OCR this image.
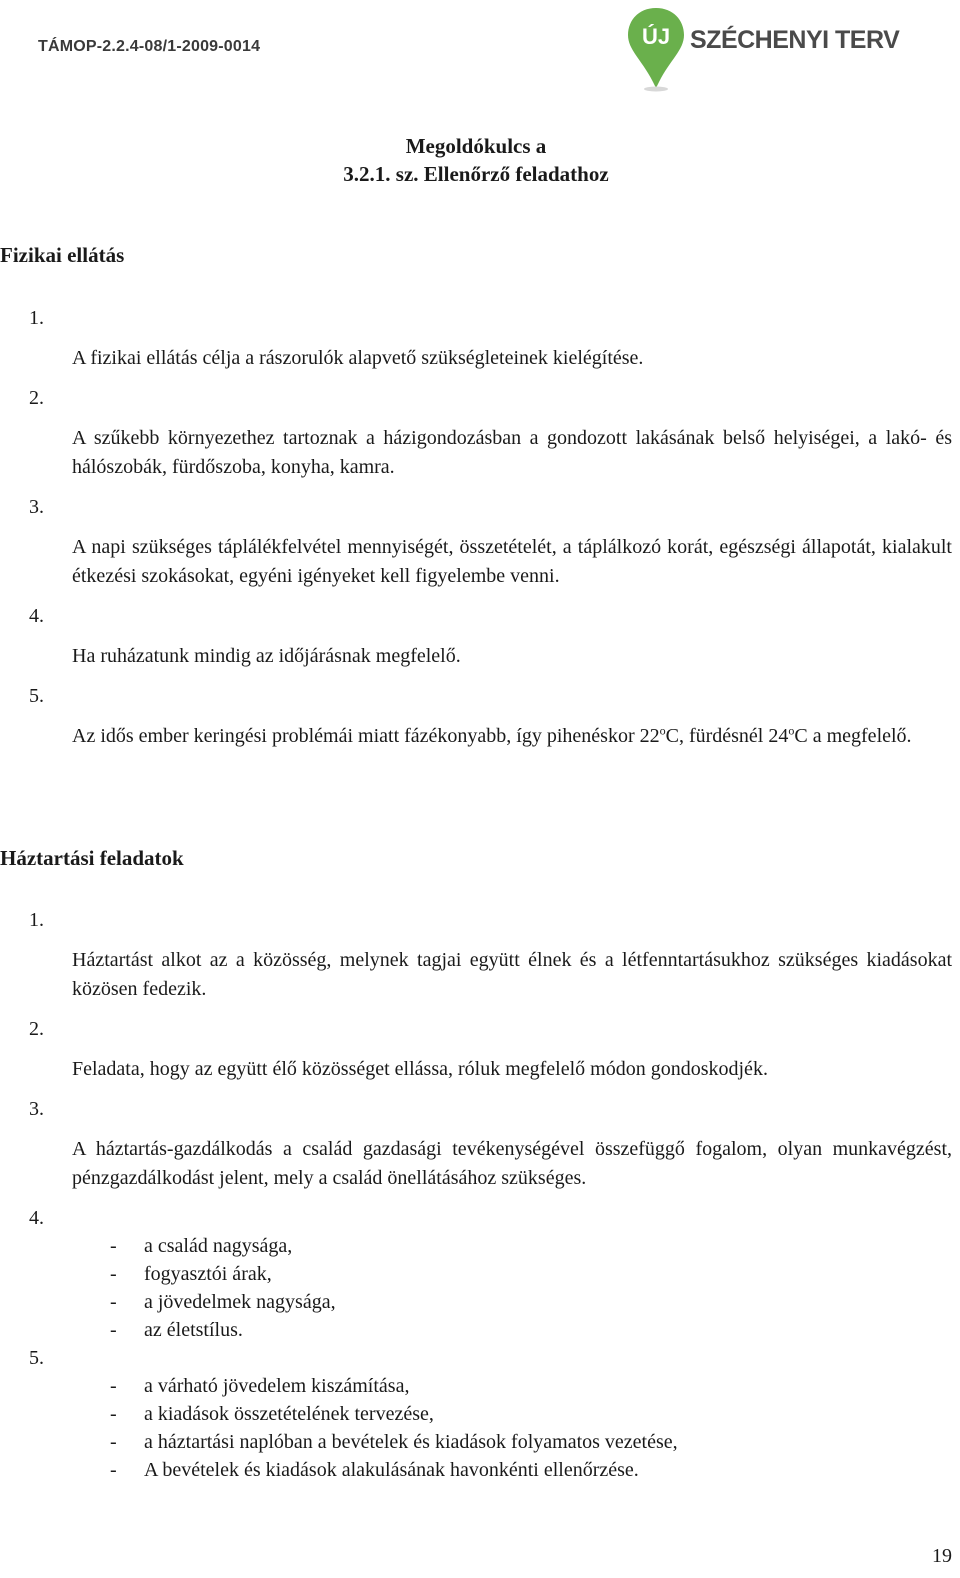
TÁMOP-2.2.4-08/1-2009-0014	ÚJ SZÉCHENYI TERV
Megoldókulcs a
3.2.1. sz. Ellenőrző feladathoz
Fizikai ellátás
1.
A fizikai ellátás célja a rászorulók alapvető szükségleteinek kielégítése.
2.
A szűkebb környezethez tartoznak a házigondozásban a gondozott lakásának belső helyiségei, a lakó- és hálószobák, fürdőszoba, konyha, kamra.
3.
A napi szükséges táplálékfelvétel mennyiségét, összetételét, a táplálkozó korát, egészségi állapotát, kialakult étkezési szokásokat, egyéni igényeket kell figyelembe venni.
4.
Ha ruházatunk mindig az időjárásnak megfelelő.
5.
Az idős ember keringési problémái miatt fázékonyabb, így pihenéskor 22$^o$C, fürdésnél 24$^o$C a megfelelő.
Háztartási feladatok
1.
Háztartást alkot az a közösség, melynek tagjai együtt élnek és a létfenntartásukhoz szükséges kiadásokat közösen fedezik.
2.
Feladata, hogy az együtt élő közösséget ellássa, róluk megfelelő módon gondoskodjék.
3.
A háztartás-gazdálkodás a család gazdasági tevékenységével összefüggő fogalom, olyan munkavégzést, pénzgazdálkodást jelent, mely a család önellátásához szükséges.
4.
- a család nagysága,
- fogyasztói árak,
- a jövedelmek nagysága,
- az életstílus.
5.
- a várható jövedelem kiszámítása,
- a kiadások összetételének tervezése,
- a háztartási naplóban a bevételek és kiadások folyamatos vezetése,
- A bevételek és kiadások alakulásának havonkénti ellenőrzése.
19
